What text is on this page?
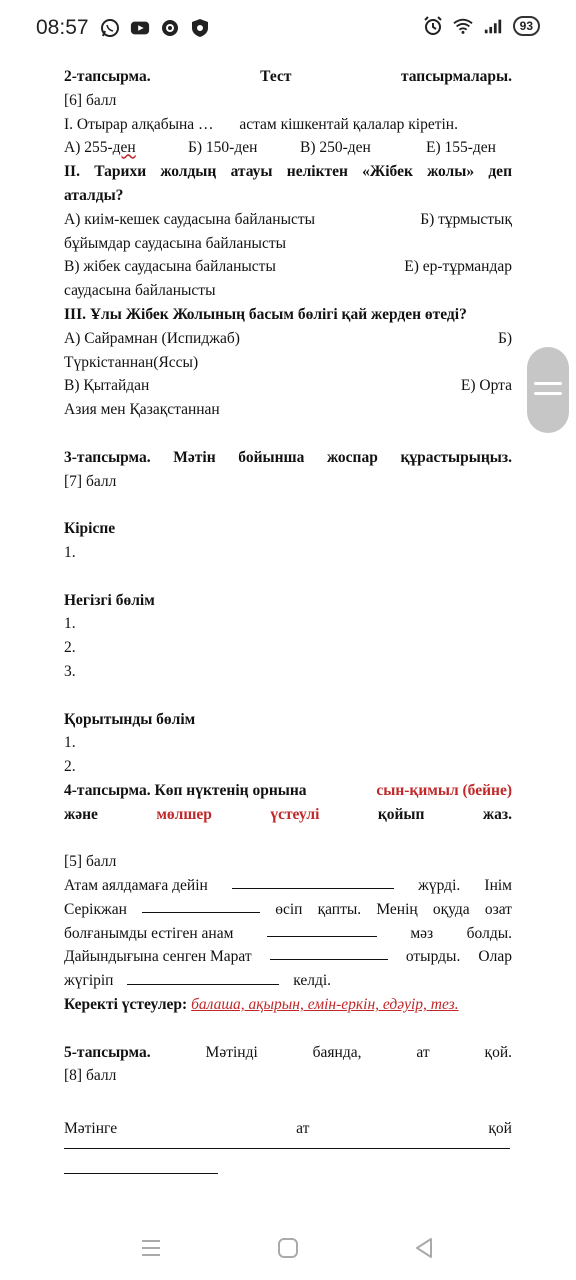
08:57	93
2-тапсырма.	Тест	тапсырмалары.
[6] балл
І. Отырар алқабына … астам кішкентай қалалар кіретін.
А) 255-ден	Б) 150-ден	В) 250-ден	Е) 155-ден
ІІ. Тарихи жолдың атауы неліктен «Жібек жолы» деп
аталды?
А) киім-кешек саудасына байланысты	Б) тұрмыстық
бұйымдар саудасына байланысты
В) жібек саудасына байланысты	Е) ер-тұрмандар
саудасына байланысты
ІІІ. Ұлы Жібек Жолының басым бөлігі қай жерден өтеді?
А) Сайрамнан (Испиджаб)	Б)
Түркістаннан(Яссы)
В) Қытайдан	Е) Орта
Азия мен Қазақстаннан
3-тапсырма. Мәтін бойынша жоспар құрастырыңыз.
[7] балл
Кіріспе
1.
Негізгі бөлім
1.
2.
3.
Қорытынды бөлім
1.
2.
4-тапсырма. Көп нүктенің орнына	сын-қимыл (бейне)
және	мөлшер	үстеулі	қойып	жаз.
[5] балл
Атам аялдамаға дейін	жүрді. Інім
Серікжан	өсіп қапты. Менің оқуда озат
болғанымды естіген анам	мәз болды.
Дайындығына сенген Марат	отырды. Олар
жүгіріп	келді.
Керекті үстеулер: балаша, ақырын, емін-еркін, едәуір, тез.
5-тапсырма.	Мәтінді	баянда,	ат	қой.
[8] балл
Мәтінге	ат	қой
